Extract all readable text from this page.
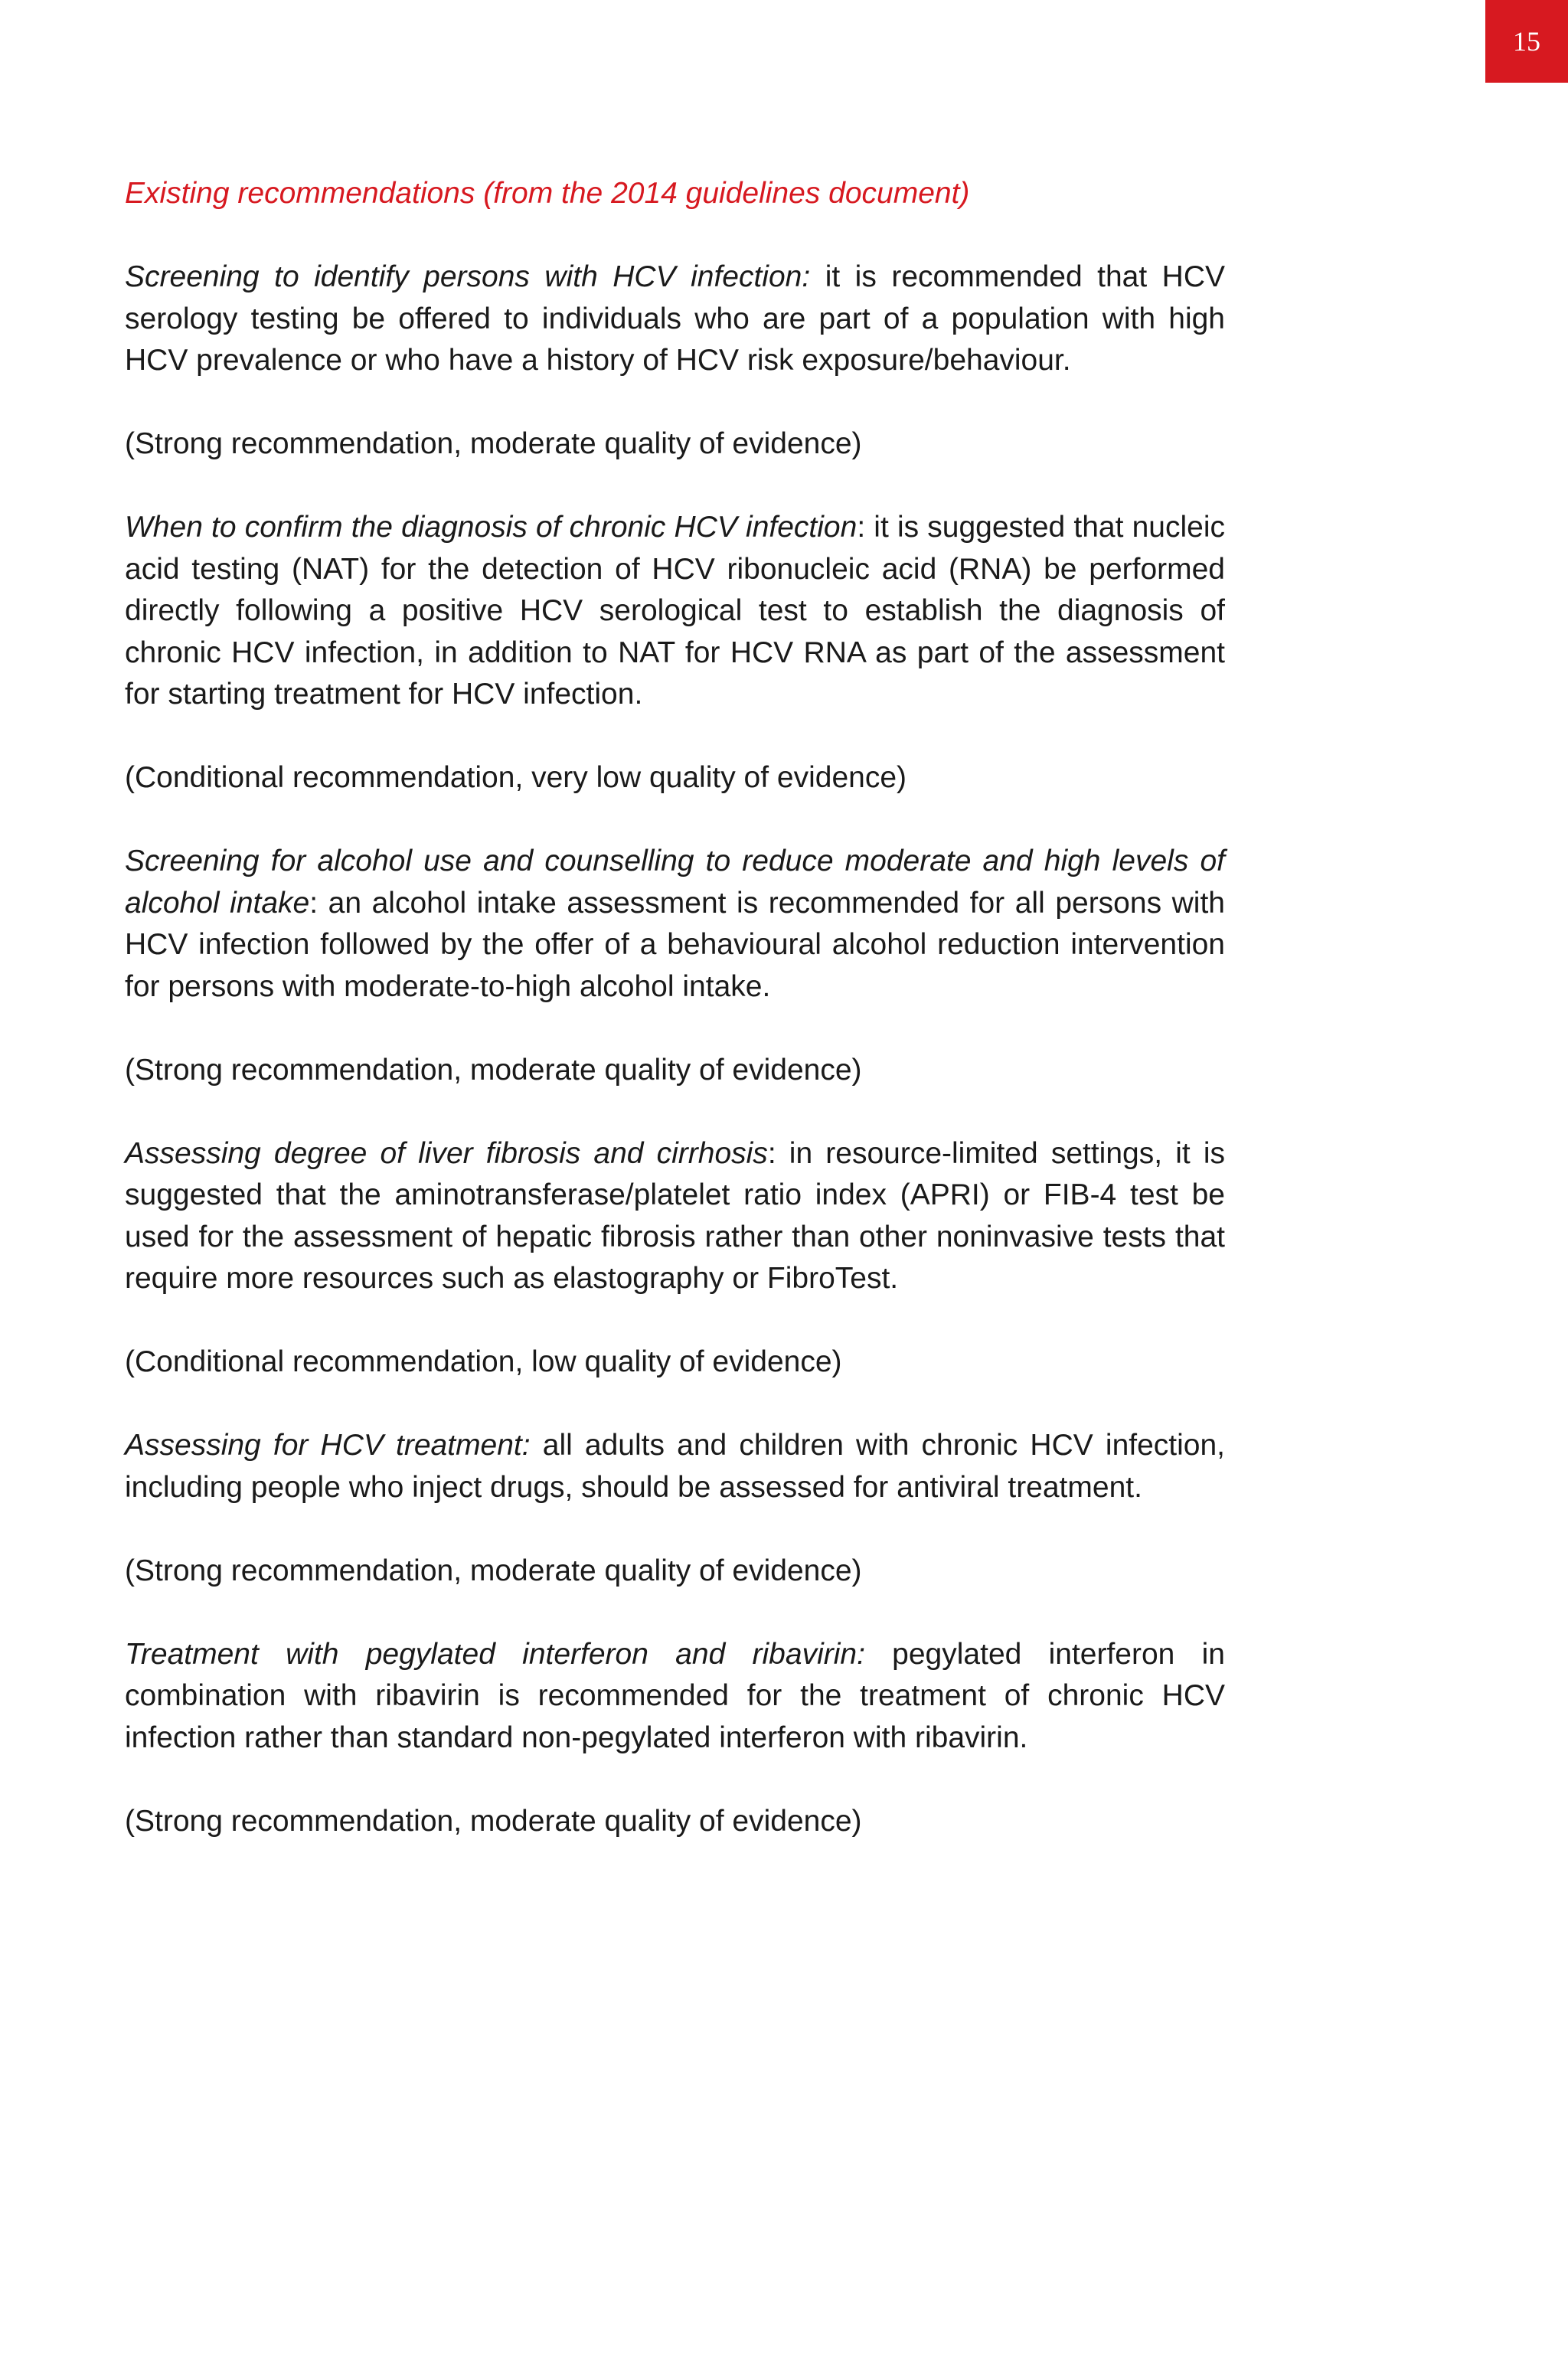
15

Existing recommendations (from the 2014 guidelines document)

Screening to identify persons with HCV infection: it is recommended that HCV serology testing be offered to individuals who are part of a population with high HCV prevalence or who have a history of HCV risk exposure/behaviour.

(Strong recommendation, moderate quality of evidence)

When to confirm the diagnosis of chronic HCV infection: it is suggested that nucleic acid testing (NAT) for the detection of HCV ribonucleic acid (RNA) be performed directly following a positive HCV serological test to establish the diagnosis of chronic HCV infection, in addition to NAT for HCV RNA as part of the assessment for starting treatment for HCV infection.

(Conditional recommendation, very low quality of evidence)

Screening for alcohol use and counselling to reduce moderate and high levels of alcohol intake: an alcohol intake assessment is recommended for all persons with HCV infection followed by the offer of a behavioural alcohol reduction intervention for persons with moderate-to-high alcohol intake.

(Strong recommendation, moderate quality of evidence)

Assessing degree of liver fibrosis and cirrhosis: in resource-limited settings, it is suggested that the aminotransferase/platelet ratio index (APRI) or FIB-4 test be used for the assessment of hepatic fibrosis rather than other noninvasive tests that require more resources such as elastography or FibroTest.

(Conditional recommendation, low quality of evidence)

Assessing for HCV treatment: all adults and children with chronic HCV infection, including people who inject drugs, should be assessed for antiviral treatment.

(Strong recommendation, moderate quality of evidence)

Treatment with pegylated interferon and ribavirin: pegylated interferon in combination with ribavirin is recommended for the treatment of chronic HCV infection rather than standard non-pegylated interferon with ribavirin.

(Strong recommendation, moderate quality of evidence)
